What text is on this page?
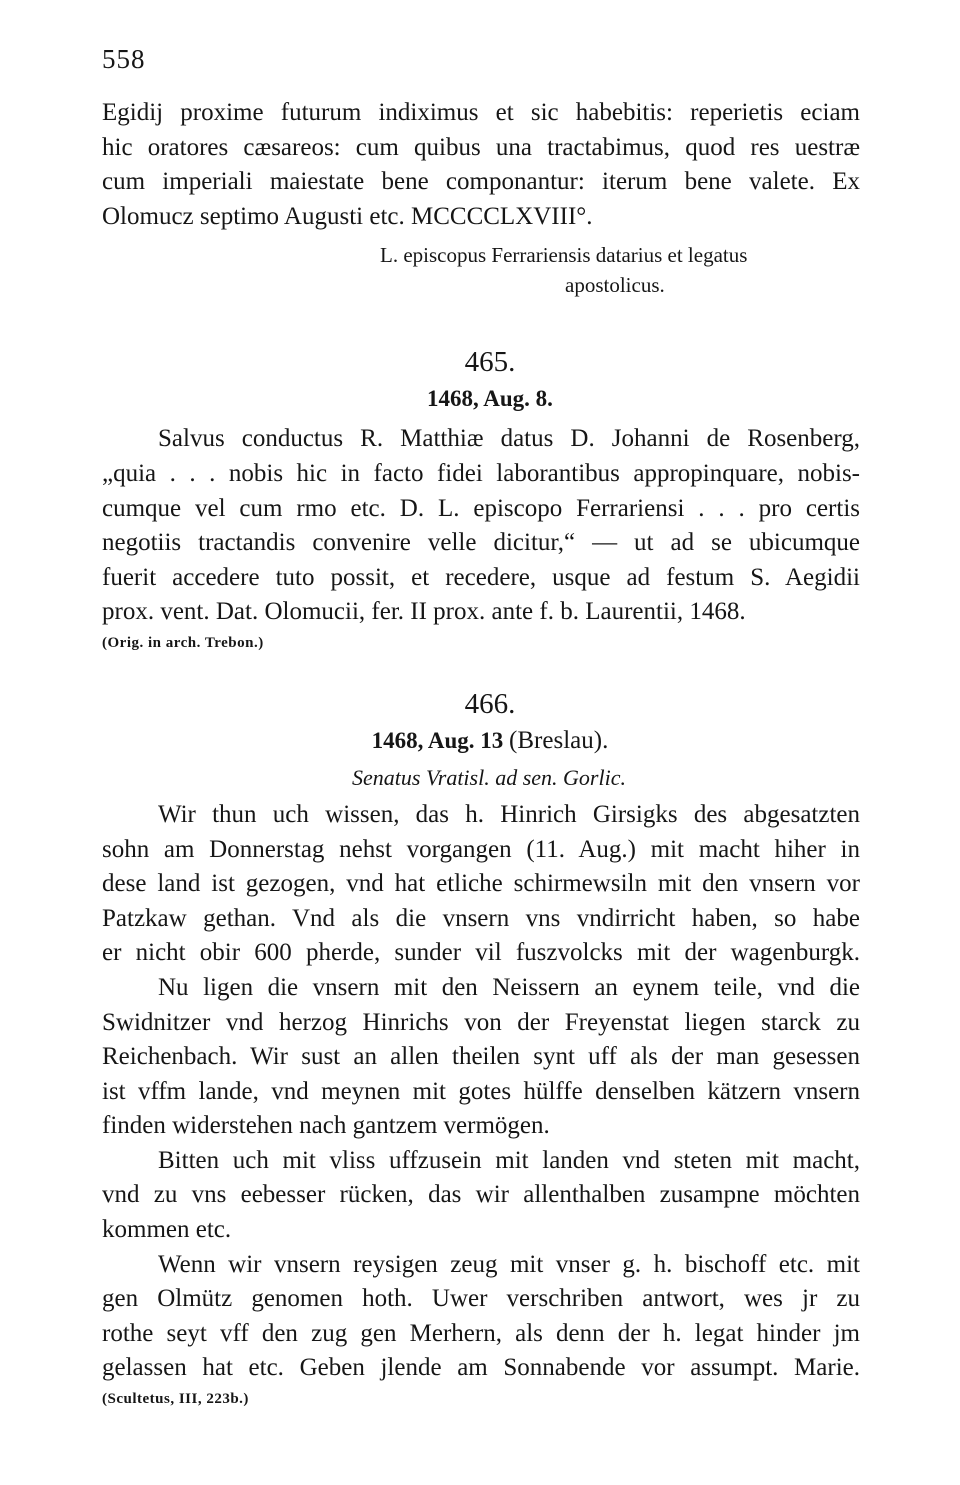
558
Egidij proxime futurum indiximus et sic habebitis: reperietis eciam
hic oratores cæsareos: cum quibus una tractabimus, quod res uestræ
cum imperiali maiestate bene componantur: iterum bene valete. Ex
Olomucz septimo Augusti etc. MCCCCLXVIII°.
L. episcopus Ferrariensis datarius et legatus
apostolicus.
465.
1468, Aug. 8.
Salvus conductus R. Matthiæ datus D. Johanni de Rosenberg,
„quia . . . nobis hic in facto fidei laborantibus appropinquare, nobis-
cumque vel cum rmo etc. D. L. episcopo Ferrariensi . . . pro certis
negotiis tractandis convenire velle dicitur,“ — ut ad se ubicumque
fuerit accedere tuto possit, et recedere, usque ad festum S. Aegidii
prox. vent. Dat. Olomucii, fer. II prox. ante f. b. Laurentii, 1468.
(Orig. in arch. Trebon.)
466.
1468, Aug. 13 (Breslau).
Senatus Vratisl. ad sen. Gorlic.
Wir thun uch wissen, das h. Hinrich Girsigks des abgesatzten
sohn am Donnerstag nehst vorgangen (11. Aug.) mit macht hiher in
dese land ist gezogen, vnd hat etliche schirmewsiln mit den vnsern vor
Patzkaw gethan. Vnd als die vnsern vns vndirricht haben, so habe
er nicht obir 600 pherde, sunder vil fuszvolcks mit der wagenburgk.
Nu ligen die vnsern mit den Neissern an eynem teile, vnd die
Swidnitzer vnd herzog Hinrichs von der Freyenstat liegen starck zu
Reichenbach. Wir sust an allen theilen synt uff als der man gesessen
ist vffm lande, vnd meynen mit gotes hülffe denselben kätzern vnsern
finden widerstehen nach gantzem vermögen.
Bitten uch mit vliss uffzusein mit landen vnd steten mit macht,
vnd zu vns eebesser rücken, das wir allenthalben zusampne möchten
kommen etc.
Wenn wir vnsern reysigen zeug mit vnser g. h. bischoff etc. mit
gen Olmütz genomen hoth. Uwer verschriben antwort, wes jr zu
rothe seyt vff den zug gen Merhern, als denn der h. legat hinder jm
gelassen hat etc. Geben jlende am Sonnabende vor assumpt. Marie.
(Scultetus, III, 223b.)
